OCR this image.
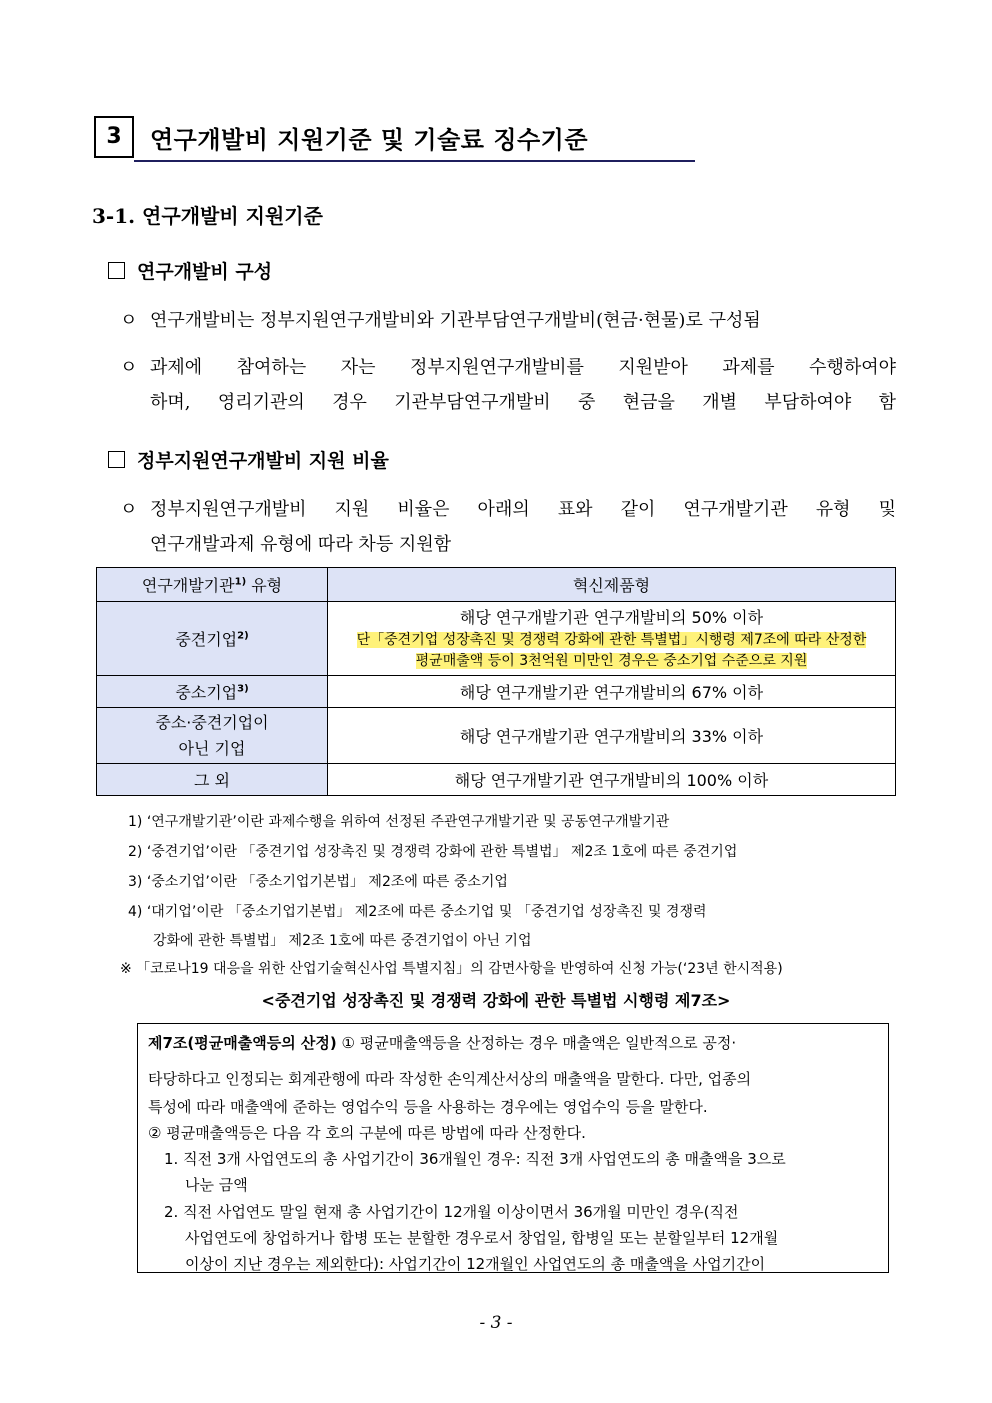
3	연구개발비 지원기준 및 기술료 징수기준
3-1. 연구개발비 지원기준
연구개발비 구성
ㅇ 연구개발비는 정부지원연구개발비와 기관부담연구개발비(현금·현물)로 구성됨
ㅇ 과제에 참여하는 자는 정부지원연구개발비를 지원받아 과제를 수행하여야
하며, 영리기관의 경우 기관부담연구개발비 중 현금을 개별 부담하여야 함
정부지원연구개발비 지원 비율
ㅇ 정부지원연구개발비 지원 비율은 아래의 표와 같이 연구개발기관 유형 및
연구개발과제 유형에 따라 차등 지원함
연구개발기관$^{1)}$ 유형	혁신제품형
중견기업$^{2)}$	해당 연구개발기관 연구개발비의 50% 이하
단「중견기업 성장촉진 및 경쟁력 강화에 관한 특별법」시행령 제7조에 따라 산정한
평균매출액 등이 3천억원 미만인 경우은 중소기업 수준으로 지원

중소기업$^{3)}$	해당 연구개발기관 연구개발비의 67% 이하

중소·중견기업이
아닌 기업	해당 연구개발기관 연구개발비의 33% 이하
그 외	해당 연구개발기관 연구개발비의 100% 이하
1) ‘연구개발기관’이란 과제수행을 위하여 선정된 주관연구개발기관 및 공동연구개발기관
2) ‘중견기업’이란 「중견기업 성장촉진 및 경쟁력 강화에 관한 특별법」 제2조 1호에 따른 중견기업
3) ‘중소기업’이란 「중소기업기본법」 제2조에 따른 중소기업
4) ‘대기업’이란 「중소기업기본법」 제2조에 따른 중소기업 및 「중견기업 성장촉진 및 경쟁력
강화에 관한 특별법」 제2조 1호에 따른 중견기업이 아닌 기업
※ 「코로나19 대응을 위한 산업기술혁신사업 특별지침」의 감면사항을 반영하여 신청 가능(‘23년 한시적용)
<중견기업 성장촉진 및 경쟁력 강화에 관한 특별법 시행령 제7조>
제7조(평균매출액등의 산정) ① 평균매출액등을 산정하는 경우 매출액은 일반적으로 공정·
타당하다고 인정되는 회계관행에 따라 작성한 손익계산서상의 매출액을 말한다. 다만, 업종의
특성에 따라 매출액에 준하는 영업수익 등을 사용하는 경우에는 영업수익 등을 말한다.
② 평균매출액등은 다음 각 호의 구분에 따른 방법에 따라 산정한다.
1. 직전 3개 사업연도의 총 사업기간이 36개월인 경우: 직전 3개 사업연도의 총 매출액을 3으로
나눈 금액
2. 직전 사업연도 말일 현재 총 사업기간이 12개월 이상이면서 36개월 미만인 경우(직전
사업연도에 창업하거나 합병 또는 분할한 경우로서 창업일, 합병일 또는 분할일부터 12개월
이상이 지난 경우는 제외한다): 사업기간이 12개월인 사업연도의 총 매출액을 사업기간이
- 3 -
